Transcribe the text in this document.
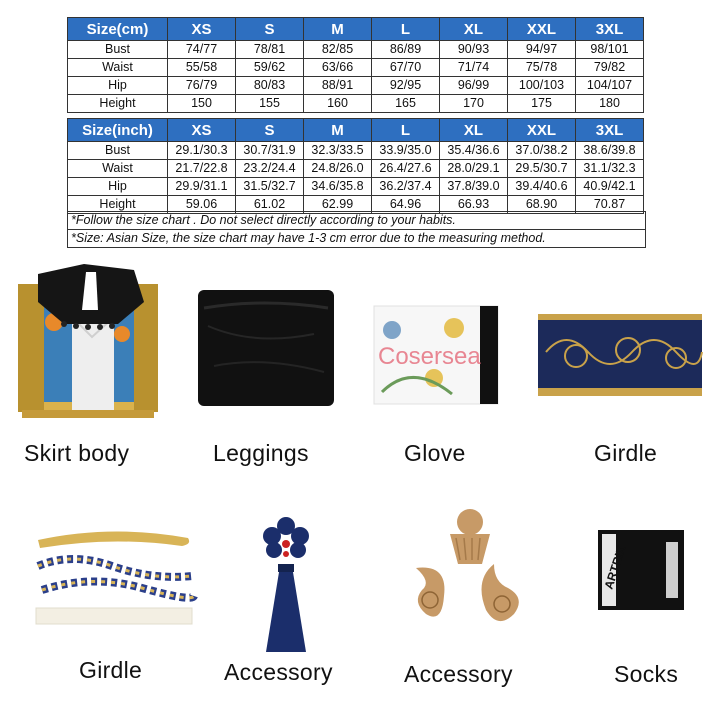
Size(cm)	XS	S	M	L	XL	XXL	3XL
Bust	74/77	78/81	82/85	86/89	90/93	94/97	98/101
Waist	55/58	59/62	63/66	67/70	71/74	75/78	79/82
Hip	76/79	80/83	88/91	92/95	96/99	100/103	104/107
Height	150	155	160	165	170	175	180
Size(inch)	XS	S	M	L	XL	XXL	3XL
Bust	29.1/30.3	30.7/31.9	32.3/33.5	33.9/35.0	35.4/36.6	37.0/38.2	38.6/39.8
Waist	21.7/22.8	23.2/24.4	24.8/26.0	26.4/27.6	28.0/29.1	29.5/30.7	31.1/32.3
Hip	29.9/31.1	31.5/32.7	34.6/35.8	36.2/37.4	37.8/39.0	39.4/40.6	40.9/42.1
Height	59.06	61.02	62.99	64.96	66.93	68.90	70.87
*Follow the size chart . Do not select directly according to your habits.
*Size: Asian Size, the size chart may have 1-3 cm error due to the measuring method.
Skirt body	Leggings
Cosersea
Glove	Girdle
Girdle	Accessory	Accessory
ARTRIX
Socks
